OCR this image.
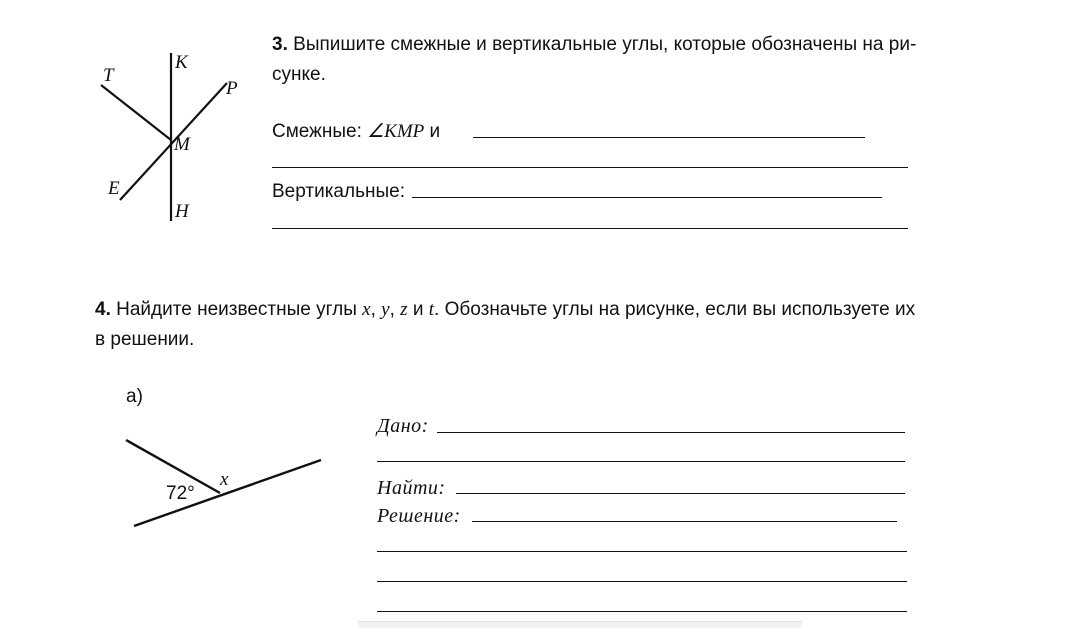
T
K
P
M
E
H
3. Выпишите смежные и вертикальные углы, которые обозначены на ри-
сунке.
Смежные: ∠KMP и
Вертикальные:
4. Найдите неизвестные углы x, y, z и t. Обозначьте углы на рисунке, если вы используете их
в решении.
а)
72°
x
Дано:
Найти:
Решение:
